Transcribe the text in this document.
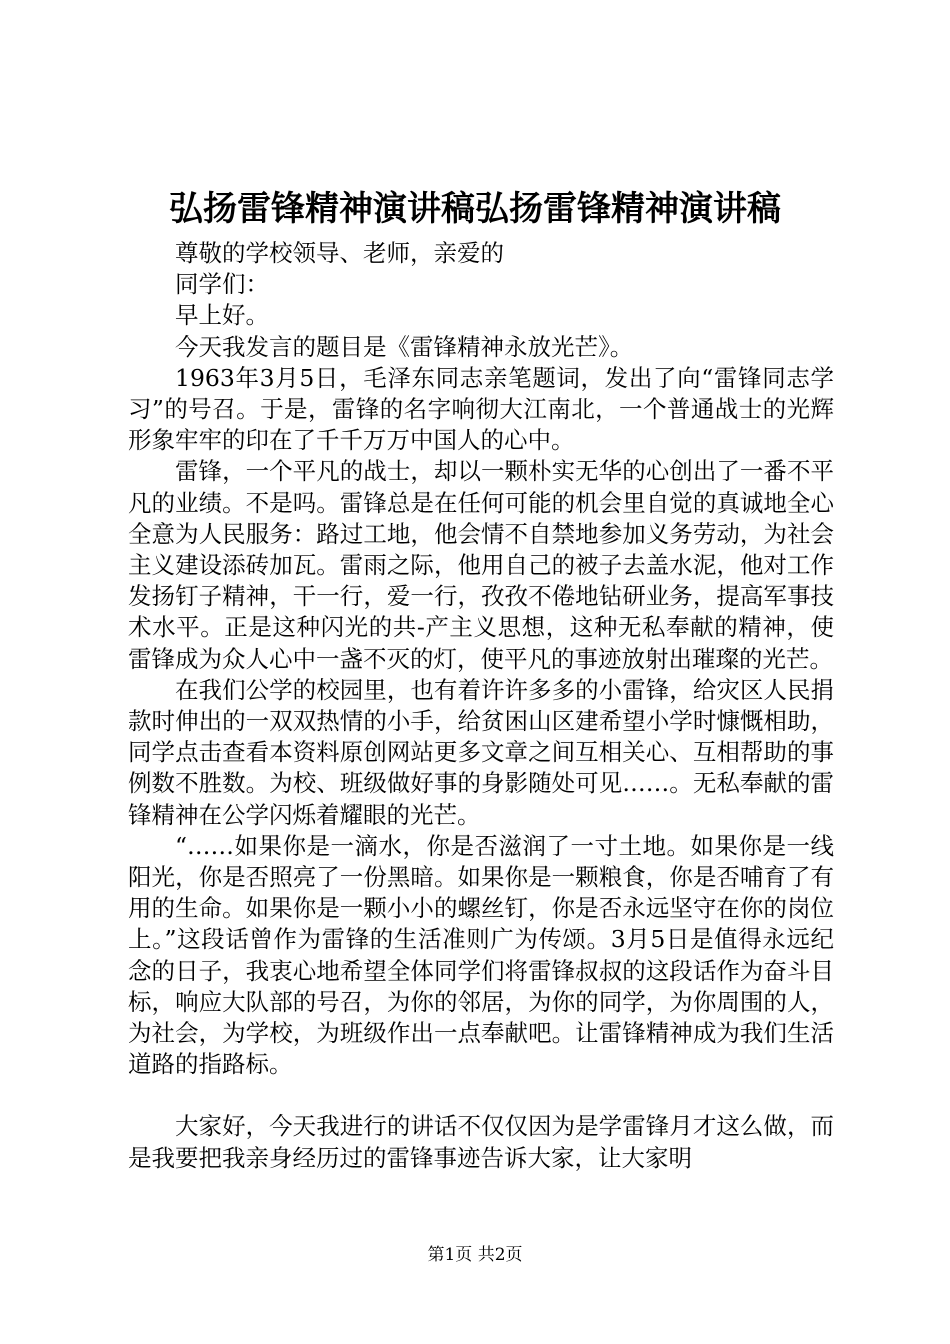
弘扬雷锋精神演讲稿弘扬雷锋精神演讲稿

尊敬的学校领导、老师，亲爱的

同学们：

早上好。

今天我发言的题目是《雷锋精神永放光芒》。

1963年3月5日，毛泽东同志亲笔题词，发出了向“雷锋同志学习”的号召。于是，雷锋的名字响彻大江南北，一个普通战士的光辉形象牢牢的印在了千千万万中国人的心中。

雷锋，一个平凡的战士，却以一颗朴实无华的心创出了一番不平凡的业绩。不是吗。雷锋总是在任何可能的机会里自觉的真诚地全心全意为人民服务：路过工地，他会情不自禁地参加义务劳动，为社会主义建设添砖加瓦。雷雨之际，他用自己的被子去盖水泥，他对工作发扬钉子精神，干一行，爱一行，孜孜不倦地钻研业务，提高军事技术水平。正是这种闪光的共-产主义思想，这种无私奉献的精神，使雷锋成为众人心中一盏不灭的灯，使平凡的事迹放射出璀璨的光芒。

在我们公学的校园里，也有着许许多多的小雷锋，给灾区人民捐款时伸出的一双双热情的小手，给贫困山区建希望小学时慷慨相助，同学点击查看本资料原创网站更多文章之间互相关心、互相帮助的事例数不胜数。为校、班级做好事的身影随处可见……。无私奉献的雷锋精神在公学闪烁着耀眼的光芒。

“……如果你是一滴水，你是否滋润了一寸土地。如果你是一线阳光，你是否照亮了一份黑暗。如果你是一颗粮食，你是否哺育了有用的生命。如果你是一颗小小的螺丝钉，你是否永远坚守在你的岗位上。”这段话曾作为雷锋的生活准则广为传颂。3月5日是值得永远纪念的日子，我衷心地希望全体同学们将雷锋叔叔的这段话作为奋斗目标，响应大队部的号召，为你的邻居，为你的同学，为你周围的人，为社会，为学校，为班级作出一点奉献吧。让雷锋精神成为我们生活道路的指路标。

大家好，今天我进行的讲话不仅仅因为是学雷锋月才这么做，而是我要把我亲身经历过的雷锋事迹告诉大家，让大家明

第1页 共2页
